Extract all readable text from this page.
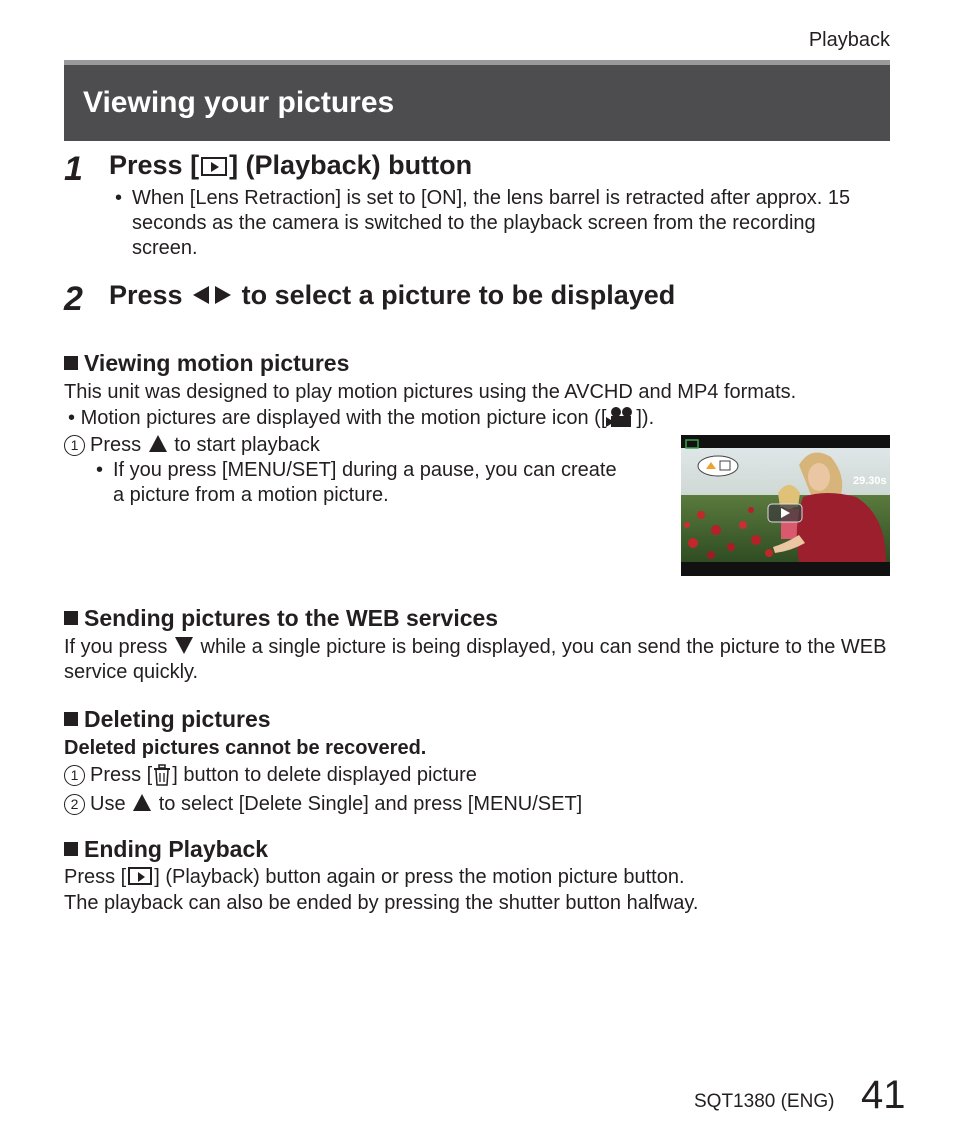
Playback
Viewing your pictures
1 Press [ ] (Playback) button
• When [Lens Retraction] is set to [ON], the lens barrel is retracted after approx. 15 seconds as the camera is switched to the playback screen from the recording screen.
2 Press to select a picture to be displayed
Viewing motion pictures
This unit was designed to play motion pictures using the AVCHD and MP4 formats.
• Motion pictures are displayed with the motion picture icon ([ ]).
1 Press to start playback
• If you press [MENU/SET] during a pause, you can create a picture from a motion picture.
29.30s
Sending pictures to the WEB services
If you press while a single picture is being displayed, you can send the picture to the WEB service quickly.
Deleting pictures
Deleted pictures cannot be recovered.
1 Press [ ] button to delete displayed picture
2 Use to select [Delete Single] and press [MENU/SET]
Ending Playback
Press [ ] (Playback) button again or press the motion picture button.
The playback can also be ended by pressing the shutter button halfway.
SQT1380 (ENG) 41
